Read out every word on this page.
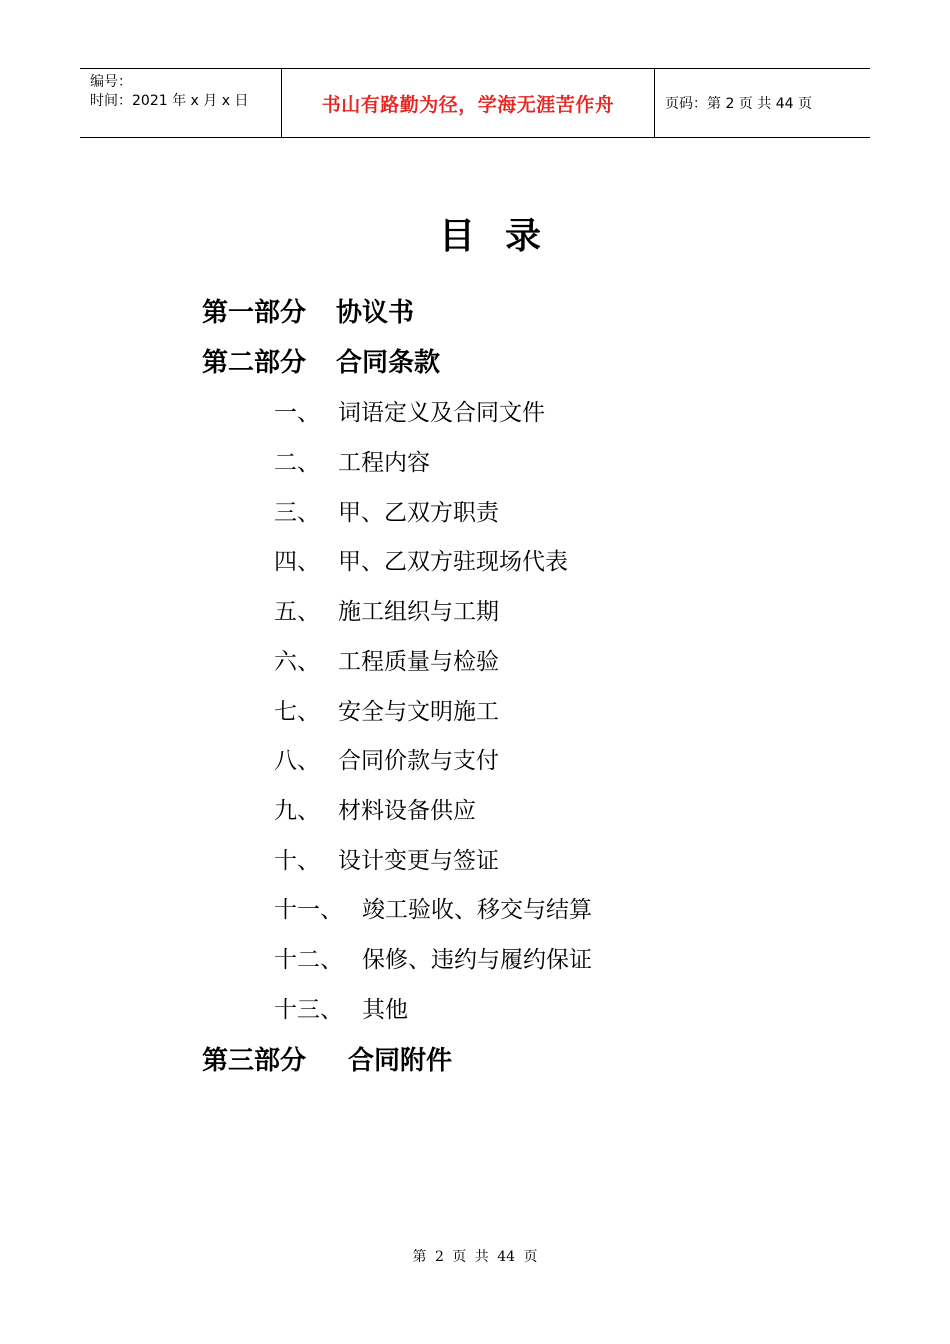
编号：
时间：2021 年 x 月 x 日	书山有路勤为径，学海无涯苦作舟	页码：第 2 页 共 44 页
目录
第一部分 协议书
第二部分 合同条款
一、 词语定义及合同文件
二、 工程内容
三、 甲、乙双方职责
四、 甲、乙双方驻现场代表
五、 施工组织与工期
六、 工程质量与检验
七、 安全与文明施工
八、 合同价款与支付
九、 材料设备供应
十、 设计变更与签证
十一、 竣工验收、移交与结算
十二、 保修、违约与履约保证
十三、 其他
第三部分 合同附件
第 2 页 共 44 页
